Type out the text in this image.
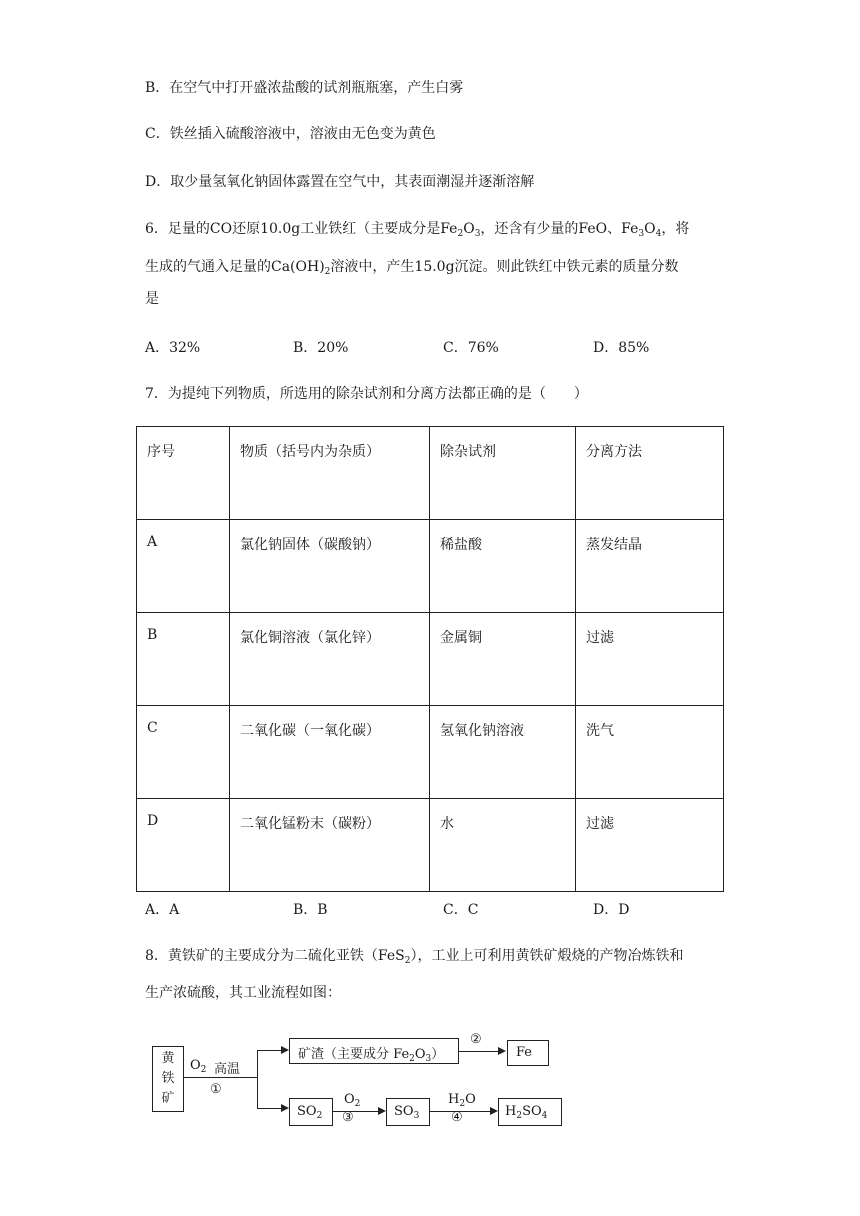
B．在空气中打开盛浓盐酸的试剂瓶瓶塞，产生白雾
C．铁丝插入硫酸溶液中，溶液由无色变为黄色
D．取少量氢氧化钠固体露置在空气中，其表面潮湿并逐渐溶解
6．足量的CO还原10.0g工业铁红（主要成分是$Fe_2O_3$，还含有少量的FeO、$Fe_3O_4$，将
生成的气通入足量的$Ca(OH)_2$溶液中，产生15.0g沉淀。则此铁红中铁元素的质量分数
是
A．32%	B．20%	C．76%	D．85%
7．为提纯下列物质，所选用的除杂试剂和分离方法都正确的是（　　）
序号	物质（括号内为杂质）	除杂试剂	分离方法
A	氯化钠固体（碳酸钠）	稀盐酸	蒸发结晶
B	氯化铜溶液（氯化锌）	金属铜	过滤
C	二氧化碳（一氧化碳）	氢氧化钠溶液	洗气
D	二氧化锰粉末（碳粉）	水	过滤
A．A	B．B	C．C	D．D
8．黄铁矿的主要成分为二硫化亚铁（FeS$_2$），工业上可利用黄铁矿煅烧的产物冶炼铁和
生产浓硫酸，其工业流程如图：
黄
铁
矿
$O_2$ 高温
①
矿渣（主要成分 $Fe_2O_3$）
②
Fe
$SO_2$
$O_2$
③	$SO_3$
$H_2O$
④	$H_2SO_4$
